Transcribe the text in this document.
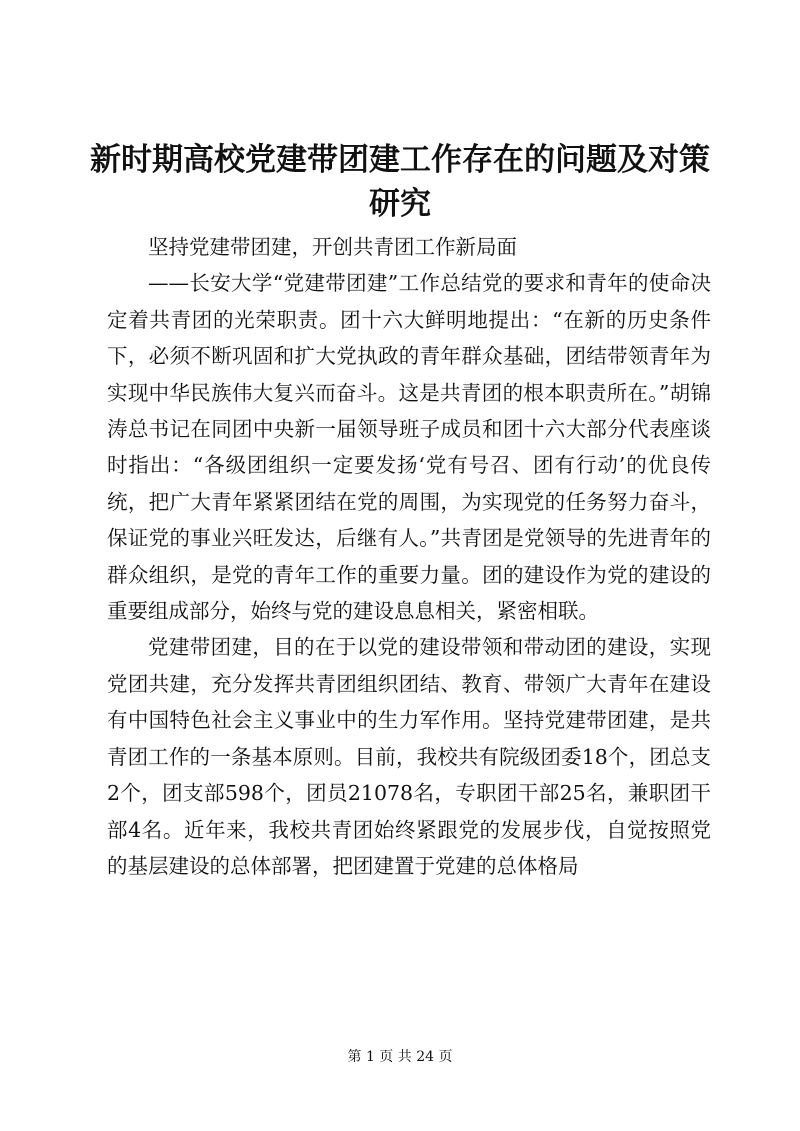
新时期高校党建带团建工作存在的问题及对策研究

坚持党建带团建，开创共青团工作新局面

——长安大学“党建带团建”工作总结党的要求和青年的使命决定着共青团的光荣职责。团十六大鲜明地提出：“在新的历史条件下，必须不断巩固和扩大党执政的青年群众基础，团结带领青年为实现中华民族伟大复兴而奋斗。这是共青团的根本职责所在。”胡锦涛总书记在同团中央新一届领导班子成员和团十六大部分代表座谈时指出：“各级团组织一定要发扬‘党有号召、团有行动’的优良传统，把广大青年紧紧团结在党的周围，为实现党的任务努力奋斗，保证党的事业兴旺发达，后继有人。”共青团是党领导的先进青年的群众组织，是党的青年工作的重要力量。团的建设作为党的建设的重要组成部分，始终与党的建设息息相关，紧密相联。

党建带团建，目的在于以党的建设带领和带动团的建设，实现党团共建，充分发挥共青团组织团结、教育、带领广大青年在建设有中国特色社会主义事业中的生力军作用。坚持党建带团建，是共青团工作的一条基本原则。目前，我校共有院级团委18个，团总支2个，团支部598个，团员21078名，专职团干部25名，兼职团干部4名。近年来，我校共青团始终紧跟党的发展步伐，自觉按照党的基层建设的总体部署，把团建置于党建的总体格局

第 1 页 共 24 页
